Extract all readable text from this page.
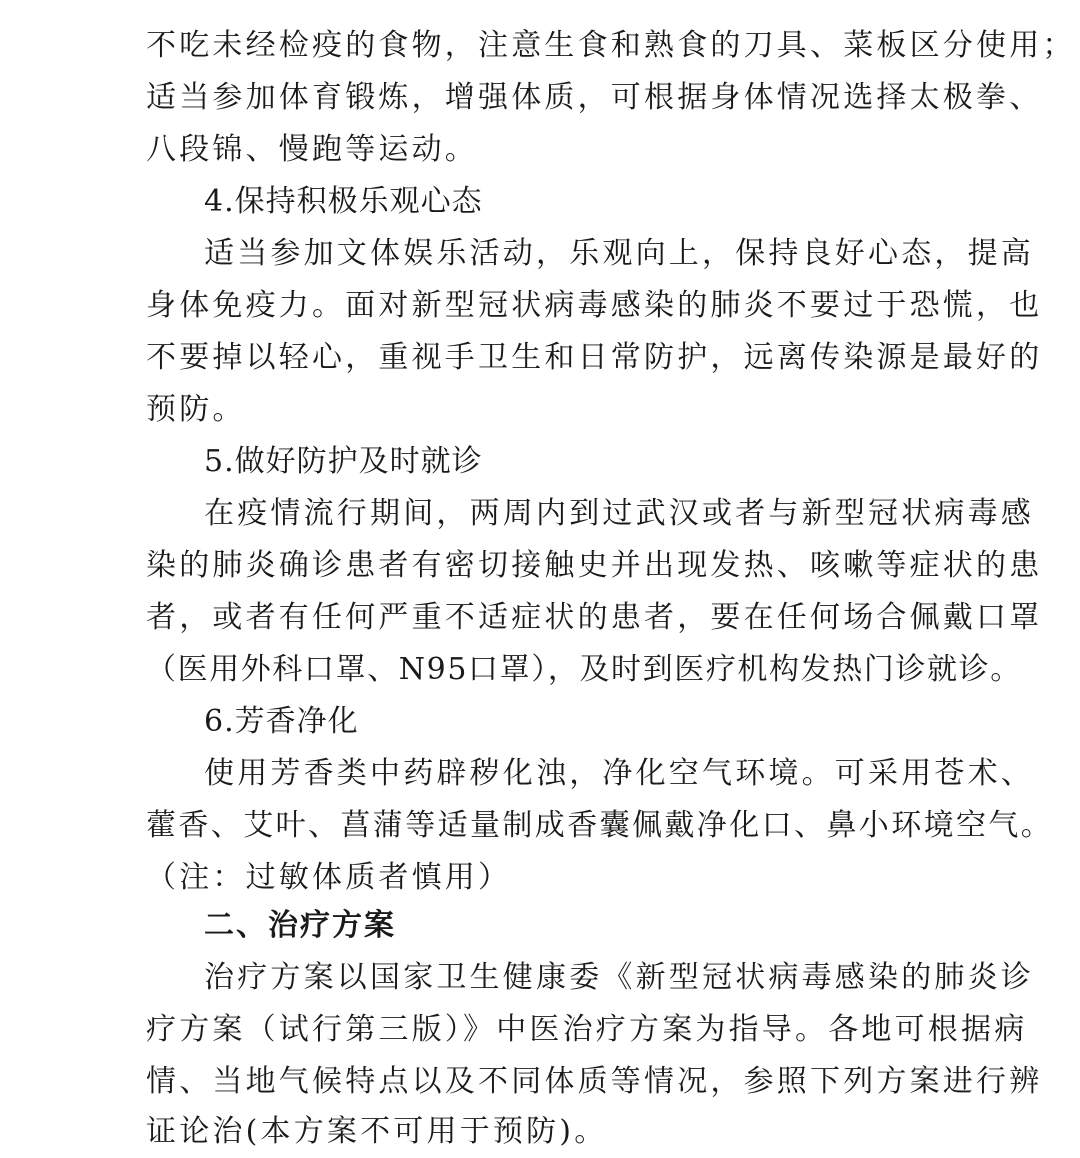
不吃未经检疫的食物，注意生食和熟食的刀具、菜板区分使用；
适当参加体育锻炼，增强体质，可根据身体情况选择太极拳、
八段锦、慢跑等运动。
4.保持积极乐观心态
适当参加文体娱乐活动，乐观向上，保持良好心态，提高
身体免疫力。面对新型冠状病毒感染的肺炎不要过于恐慌，也
不要掉以轻心，重视手卫生和日常防护，远离传染源是最好的
预防。
5.做好防护及时就诊
在疫情流行期间，两周内到过武汉或者与新型冠状病毒感
染的肺炎确诊患者有密切接触史并出现发热、咳嗽等症状的患
者，或者有任何严重不适症状的患者，要在任何场合佩戴口罩
（医用外科口罩、N95口罩），及时到医疗机构发热门诊就诊。
6.芳香净化
使用芳香类中药辟秽化浊，净化空气环境。可采用苍术、
藿香、艾叶、菖蒲等适量制成香囊佩戴净化口、鼻小环境空气。
（注：过敏体质者慎用）
二、治疗方案
治疗方案以国家卫生健康委《新型冠状病毒感染的肺炎诊
疗方案（试行第三版）》中医治疗方案为指导。各地可根据病
情、当地气候特点以及不同体质等情况，参照下列方案进行辨
证论治(本方案不可用于预防)。
